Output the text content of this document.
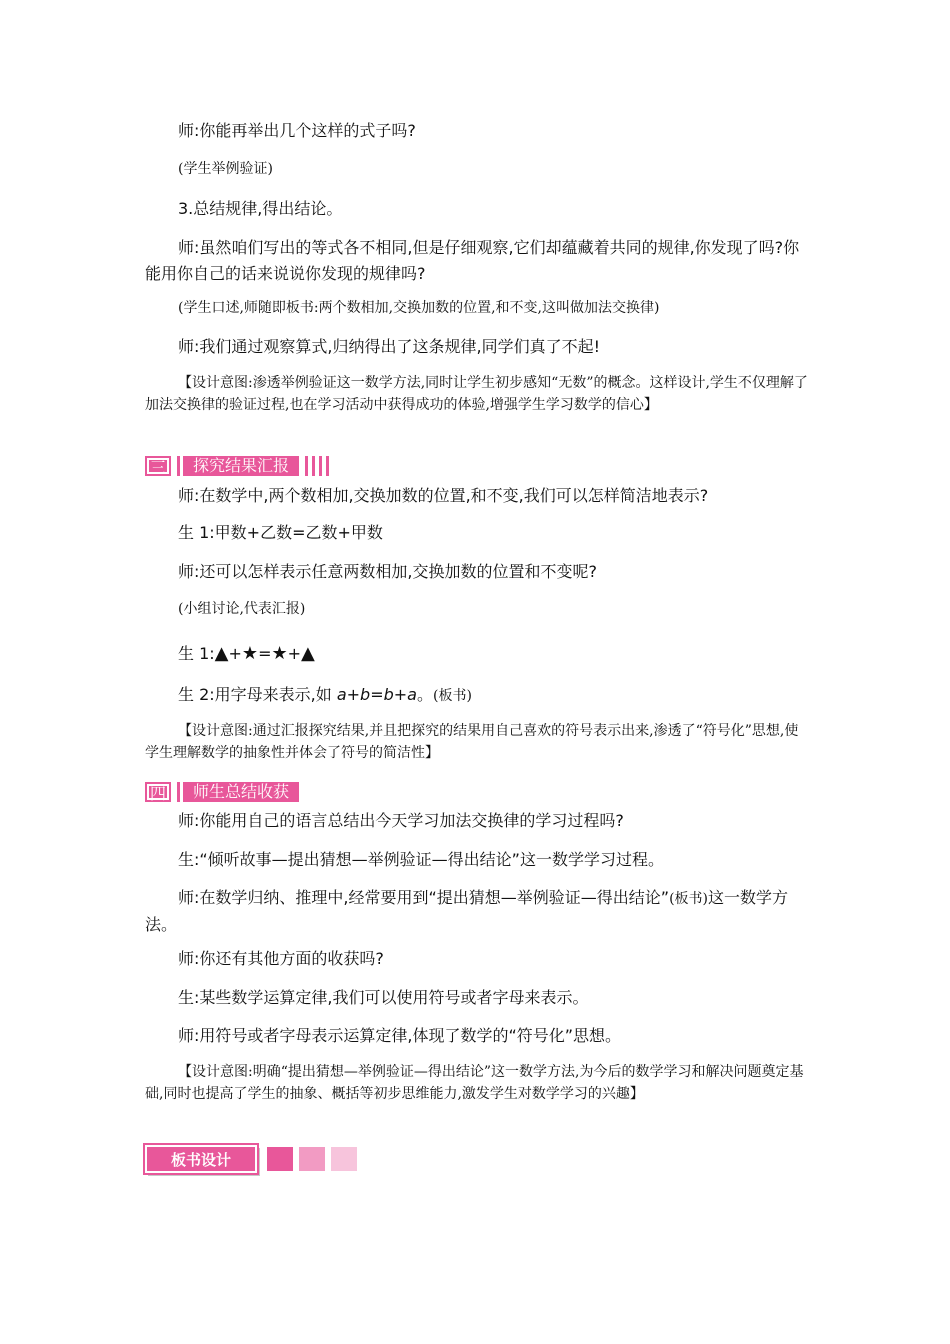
师:你能再举出几个这样的式子吗?
(学生举例验证)
3.总结规律,得出结论。
师:虽然咱们写出的等式各不相同,但是仔细观察,它们却蕴藏着共同的规律,你发现了吗?你能用你自己的话来说说你发现的规律吗?
(学生口述,师随即板书:两个数相加,交换加数的位置,和不变,这叫做加法交换律)
师:我们通过观察算式,归纳得出了这条规律,同学们真了不起!
【设计意图:渗透举例验证这一数学方法,同时让学生初步感知“无数”的概念。这样设计,学生不仅理解了加法交换律的验证过程,也在学习活动中获得成功的体验,增强学生学习数学的信心】
三	探究结果汇报
师:在数学中,两个数相加,交换加数的位置,和不变,我们可以怎样简洁地表示?
生 1:甲数+乙数=乙数+甲数
师:还可以怎样表示任意两数相加,交换加数的位置和不变呢?
(小组讨论,代表汇报)
生 1:▲+★=★+▲
生 2:用字母来表示,如 a+b=b+a。(板书)
【设计意图:通过汇报探究结果,并且把探究的结果用自己喜欢的符号表示出来,渗透了“符号化”思想,使学生理解数学的抽象性并体会了符号的简洁性】
四	师生总结收获
师:你能用自己的语言总结出今天学习加法交换律的学习过程吗?
生:“倾听故事—提出猜想—举例验证—得出结论”这一数学学习过程。
师:在数学归纳、推理中,经常要用到“提出猜想—举例验证—得出结论”(板书)这一数学方法。
师:你还有其他方面的收获吗?
生:某些数学运算定律,我们可以使用符号或者字母来表示。
师:用符号或者字母表示运算定律,体现了数学的“符号化”思想。
【设计意图:明确“提出猜想—举例验证—得出结论”这一数学方法,为今后的数学学习和解决问题奠定基础,同时也提高了学生的抽象、概括等初步思维能力,激发学生对数学学习的兴趣】
板书设计
